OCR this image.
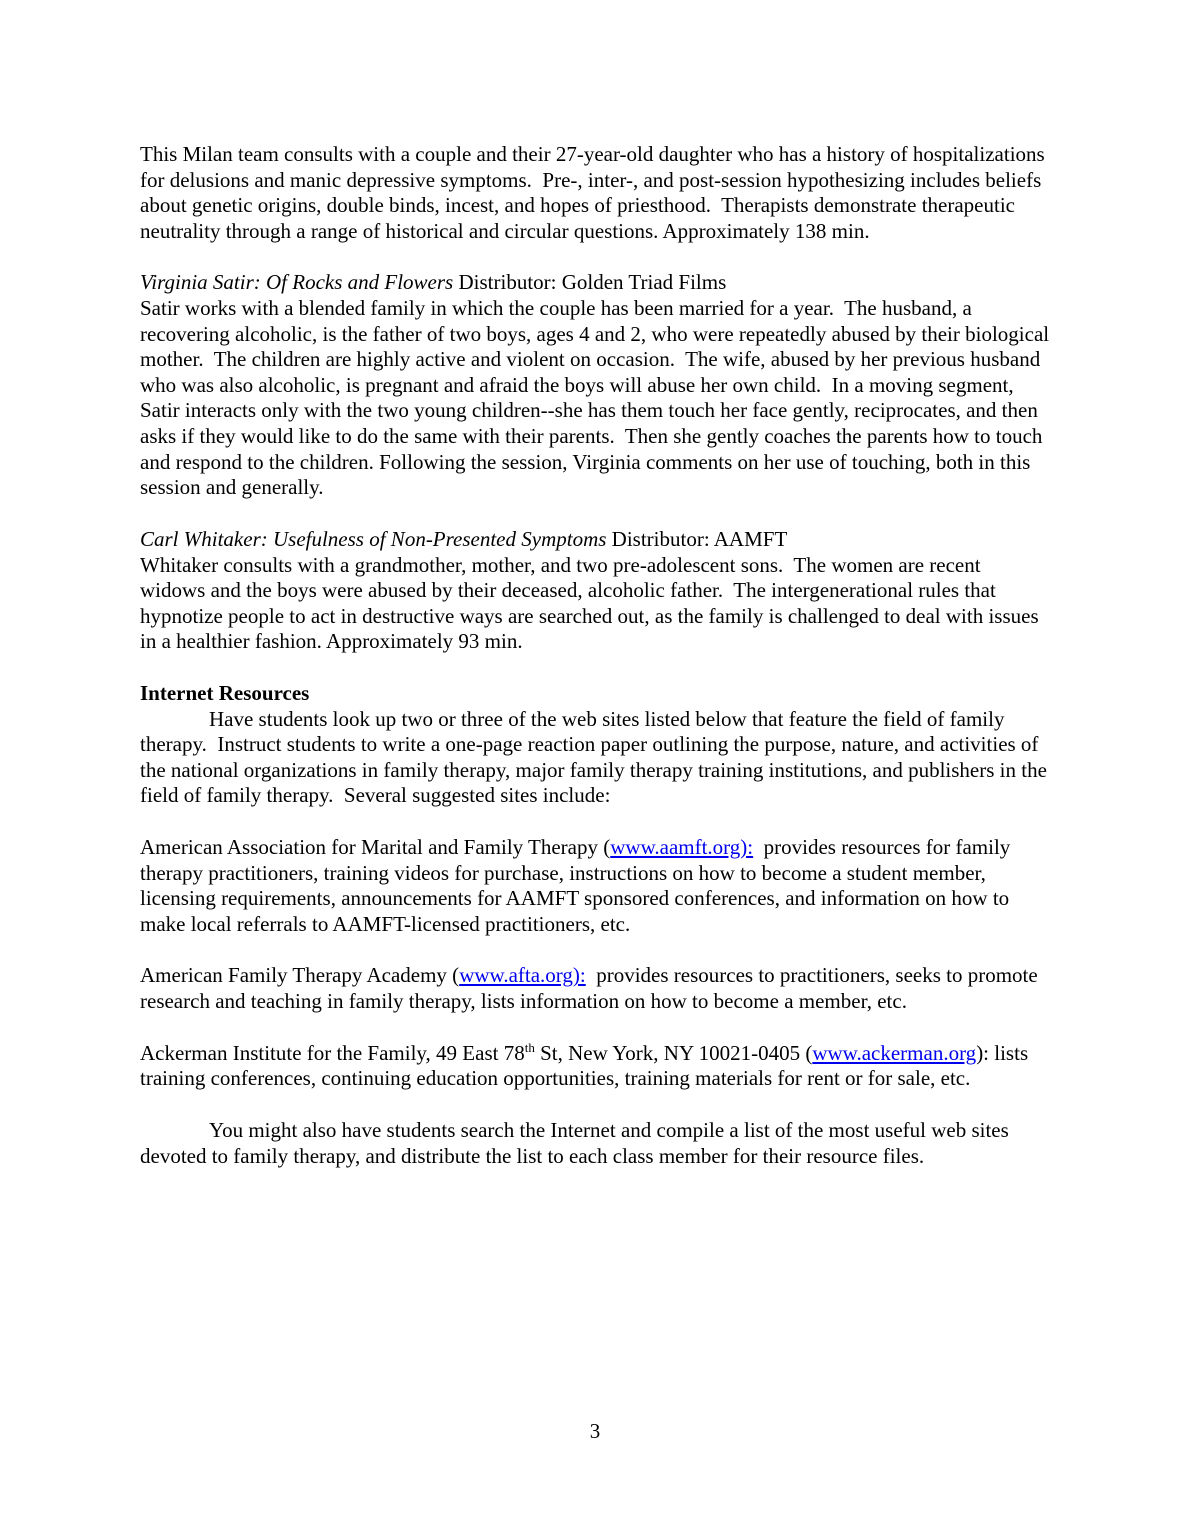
This Milan team consults with a couple and their 27-year-old daughter who has a history of hospitalizations for delusions and manic depressive symptoms.  Pre-, inter-, and post-session hypothesizing includes beliefs about genetic origins, double binds, incest, and hopes of priesthood.  Therapists demonstrate therapeutic neutrality through a range of historical and circular questions. Approximately 138 min.

Virginia Satir: Of Rocks and Flowers Distributor: Golden Triad Films
Satir works with a blended family in which the couple has been married for a year.  The husband, a recovering alcoholic, is the father of two boys, ages 4 and 2, who were repeatedly abused by their biological mother.  The children are highly active and violent on occasion.  The wife, abused by her previous husband who was also alcoholic, is pregnant and afraid the boys will abuse her own child.  In a moving segment, Satir interacts only with the two young children--she has them touch her face gently, reciprocates, and then asks if they would like to do the same with their parents.  Then she gently coaches the parents how to touch and respond to the children. Following the session, Virginia comments on her use of touching, both in this session and generally.
Carl Whitaker: Usefulness of Non-Presented Symptoms Distributor: AAMFT
Whitaker consults with a grandmother, mother, and two pre-adolescent sons.  The women are recent widows and the boys were abused by their deceased, alcoholic father.  The intergenerational rules that hypnotize people to act in destructive ways are searched out, as the family is challenged to deal with issues in a healthier fashion. Approximately 93 min.
Internet Resources

Have students look up two or three of the web sites listed below that feature the field of family therapy.  Instruct students to write a one-page reaction paper outlining the purpose, nature, and activities of the national organizations in family therapy, major family therapy training institutions, and publishers in the field of family therapy.  Several suggested sites include:

American Association for Marital and Family Therapy (www.aamft.org):  provides resources for family therapy practitioners, training videos for purchase, instructions on how to become a student member, licensing requirements, announcements for AAMFT sponsored conferences, and information on how to make local referrals to AAMFT-licensed practitioners, etc.

American Family Therapy Academy (www.afta.org):  provides resources to practitioners, seeks to promote research and teaching in family therapy, lists information on how to become a member, etc.

Ackerman Institute for the Family, 49 East 78th St, New York, NY 10021-0405 (www.ackerman.org): lists training conferences, continuing education opportunities, training materials for rent or for sale, etc.

You might also have students search the Internet and compile a list of the most useful web sites devoted to family therapy, and distribute the list to each class member for their resource files.

3
